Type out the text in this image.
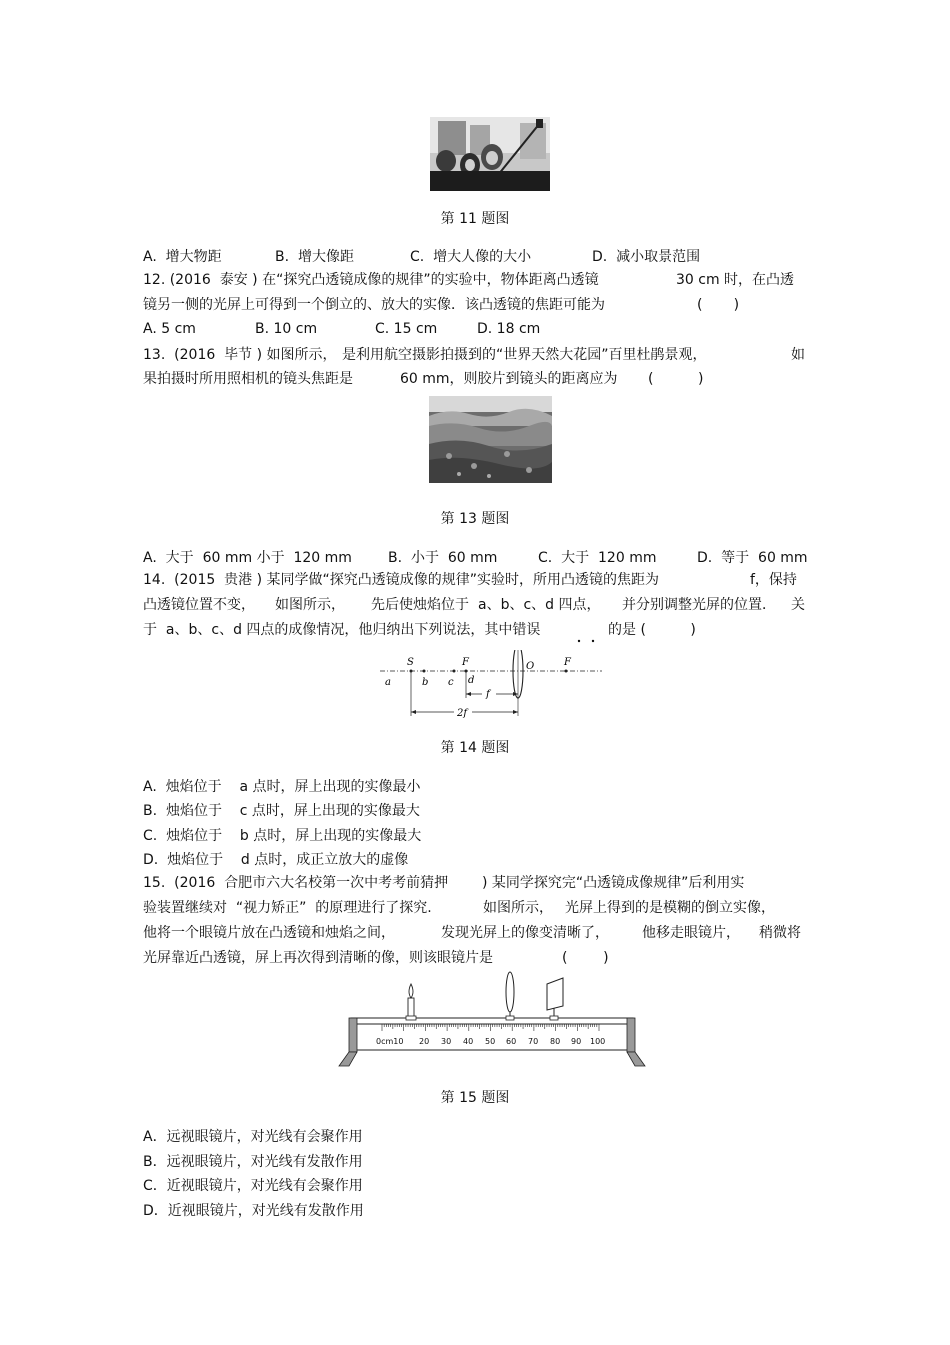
第 11 题图
A.  增大物距	B.  增大像距	C.  增大人像的大小	D.  减小取景范围
12. (2016  泰安 ) 在“探究凸透镜成像的规律”的实验中，物体距离凸透镜	30 cm 时，在凸透
镜另一侧的光屏上可得到一个倒立的、放大的实像．该凸透镜的焦距可能为	(       )
A. 5 cm	B. 10 cm	C. 15 cm	D. 18 cm
13.  (2016  毕节 ) 如图所示， 是利用航空摄影拍摄到的“世界天然大花园”百里杜鹃景观，	如
果拍摄时所用照相机的镜头焦距是	60 mm，则胶片到镜头的距离应为 (          )
第 13 题图
A.  大于  60 mm 小于  120 mm	B.  小于  60 mm	C.  大于  120 mm	D.  等于  60 mm
14.  (2015  贵港 ) 某同学做“探究凸透镜成像的规律”实验时，所用凸透镜的焦距为	f，保持
凸透镜位置不变， 如图所示， 先后使烛焰位于 a、b、c、d 四点， 并分别调整光屏的位置． 关
于  a、b、c、d 四点的成像情况，他归纳出下列说法，其中错误	的是 (          )
S	F	O	F
a	b c d
f
2f
第 14 题图
A.  烛焰位于    a 点时，屏上出现的实像最小
B.  烛焰位于    c 点时，屏上出现的实像最大
C.  烛焰位于    b 点时，屏上出现的实像最大
D.  烛焰位于    d 点时，成正立放大的虚像
15.  (2016  合肥市六大名校第一次中考考前猜押 ) 某同学探究完“凸透镜成像规律”后利用实
验装置继续对  “视力矫正”  的原理进行了探究.	如图所示， 光屏上得到的是模糊的倒立实像，
他将一个眼镜片放在凸透镜和烛焰之间，	发现光屏上的像变清晰了， 他移走眼镜片， 稍微将
光屏靠近凸透镜，屏上再次得到清晰的像，则该眼镜片是	(        )
0cm10 20 30 40 50 60 70 80 90 100
第 15 题图
A．远视眼镜片，对光线有会聚作用
B．远视眼镜片，对光线有发散作用
C．近视眼镜片，对光线有会聚作用
D．近视眼镜片，对光线有发散作用
